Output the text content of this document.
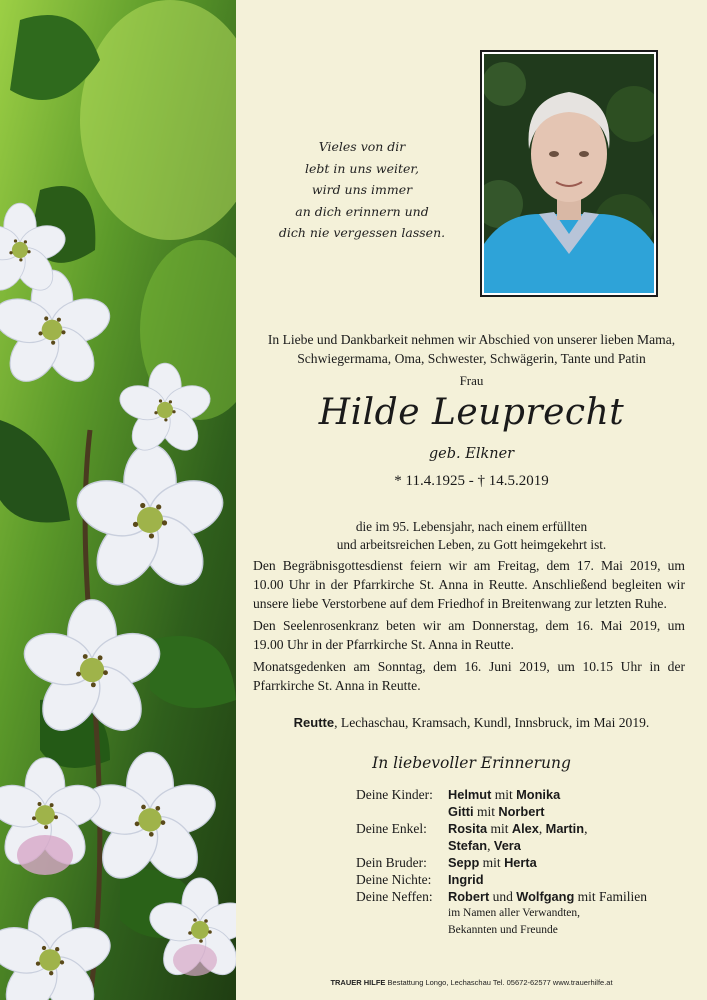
Vieles von dir
lebt in uns weiter,
wird uns immer
an dich erinnern und
dich nie vergessen lassen.
In Liebe und Dankbarkeit nehmen wir Abschied von unserer lieben Mama,
Schwiegermama, Oma, Schwester, Schwägerin, Tante und Patin
Frau
Hilde Leuprecht
geb. Elkner
* 11.4.1925 - † 14.5.2019
die im 95. Lebensjahr, nach einem erfüllten
und arbeitsreichen Leben, zu Gott heimgekehrt ist.
Den Begräbnisgottesdienst feiern wir am Freitag, dem 17. Mai 2019, um
10.00 Uhr in der Pfarrkirche St. Anna in Reutte. Anschließend begleiten wir
unsere liebe Verstorbene auf dem Friedhof in Breitenwang zur letzten Ruhe.
Den Seelenrosenkranz beten wir am Donnerstag, dem 16. Mai 2019, um
19.00 Uhr in der Pfarrkirche St. Anna in Reutte.
Monatsgedenken am Sonntag, dem 16. Juni 2019, um 10.15 Uhr in der
Pfarrkirche St. Anna in Reutte.
Reutte, Lechaschau, Kramsach, Kundl, Innsbruck, im Mai 2019.
In liebevoller Erinnerung
Deine Kinder:	Helmut mit Monika
Gitti mit Norbert
Deine Enkel:	Rosita mit Alex, Martin,
Stefan, Vera
Dein Bruder:	Sepp mit Herta
Deine Nichte:	Ingrid
Deine Neffen:	Robert und Wolfgang mit Familien
im Namen aller Verwandten,
Bekannten und Freunde
TRAUER HILFE Bestattung Longo, Lechaschau Tel. 05672-62577 www.trauerhilfe.at
